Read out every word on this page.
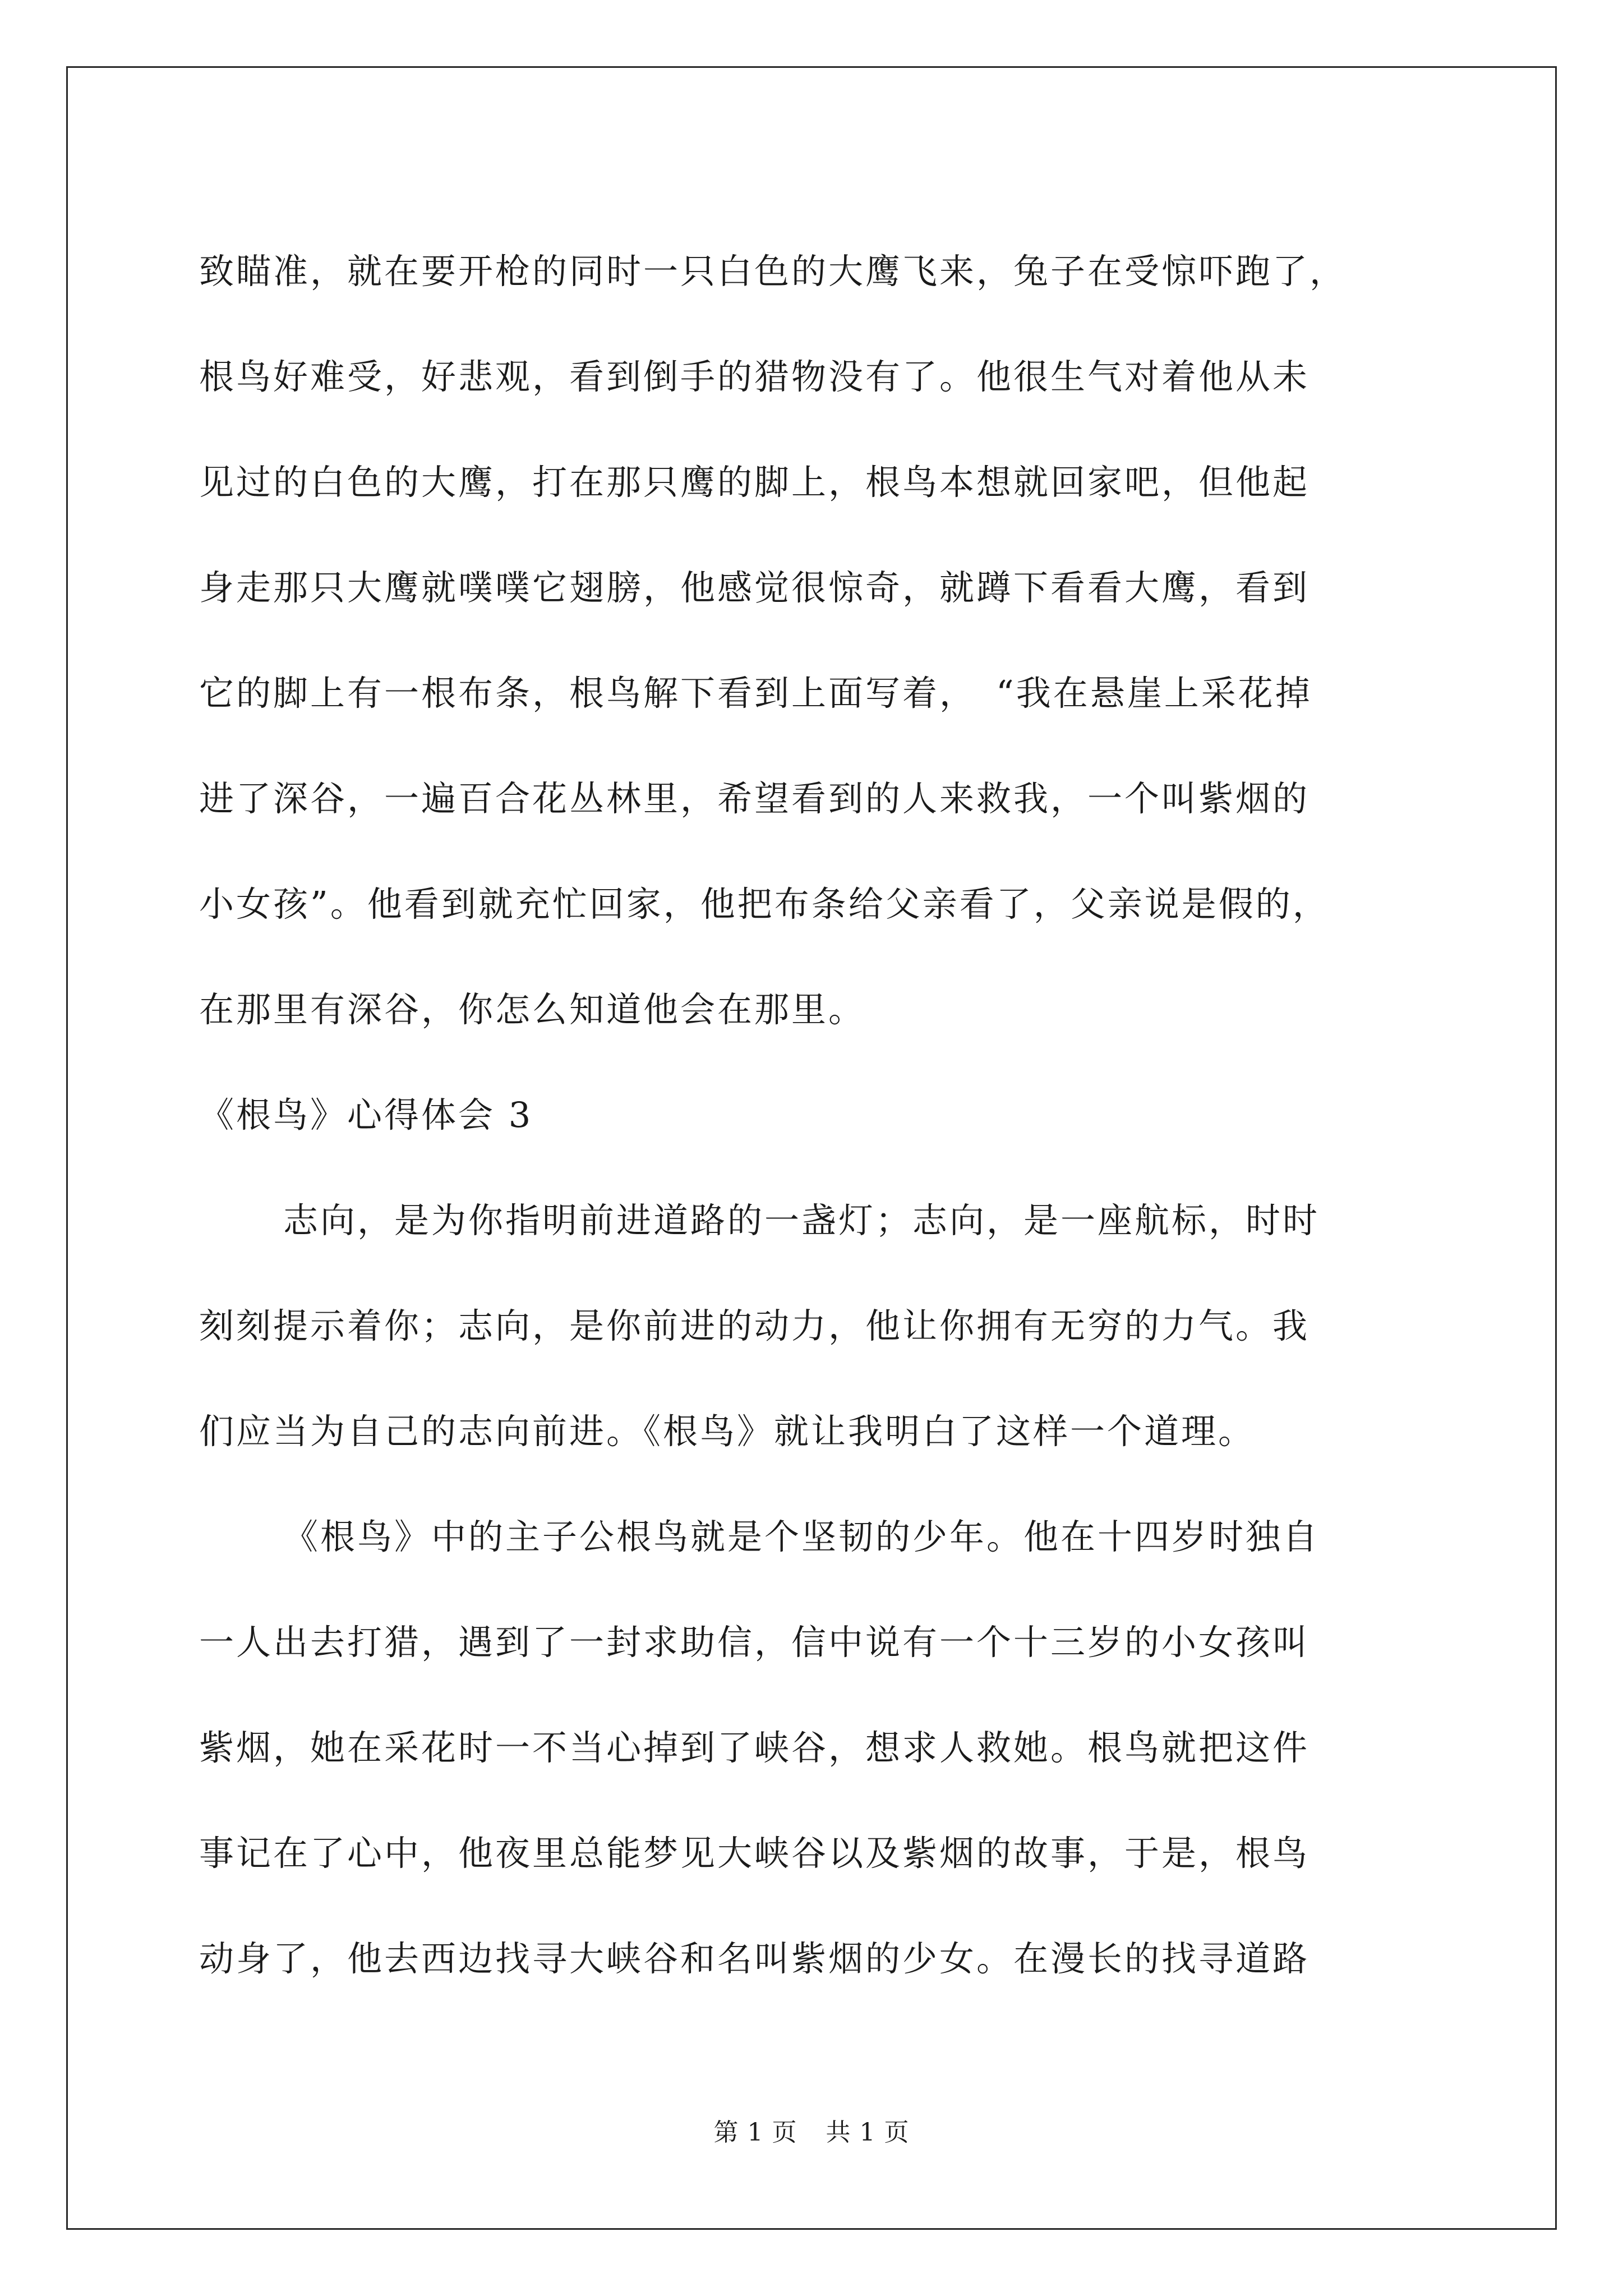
致瞄准，就在要开枪的同时一只白色的大鹰飞来，兔子在受惊吓跑了，

根鸟好难受，好悲观，看到倒手的猎物没有了。他很生气对着他从未

见过的白色的大鹰，打在那只鹰的脚上，根鸟本想就回家吧，但他起

身走那只大鹰就噗噗它翅膀，他感觉很惊奇，就蹲下看看大鹰，看到

它的脚上有一根布条，根鸟解下看到上面写着，　“我在悬崖上采花掉

进了深谷，一遍百合花丛林里，希望看到的人来救我，一个叫紫烟的

小女孩”。他看到就充忙回家，他把布条给父亲看了，父亲说是假的，

在那里有深谷，你怎么知道他会在那里。

《根鸟》心得体会 3

志向，是为你指明前进道路的一盏灯；志向，是一座航标，时时

刻刻提示着你；志向，是你前进的动力，他让你拥有无穷的力气。我

们应当为自己的志向前进。《根鸟》就让我明白了这样一个道理。

《根鸟》中的主子公根鸟就是个坚韧的少年。他在十四岁时独自

一人出去打猎，遇到了一封求助信，信中说有一个十三岁的小女孩叫

紫烟，她在采花时一不当心掉到了峡谷，想求人救她。根鸟就把这件

事记在了心中，他夜里总能梦见大峡谷以及紫烟的故事，于是，根鸟

动身了，他去西边找寻大峡谷和名叫紫烟的少女。在漫长的找寻道路

第 1 页 共 1 页
